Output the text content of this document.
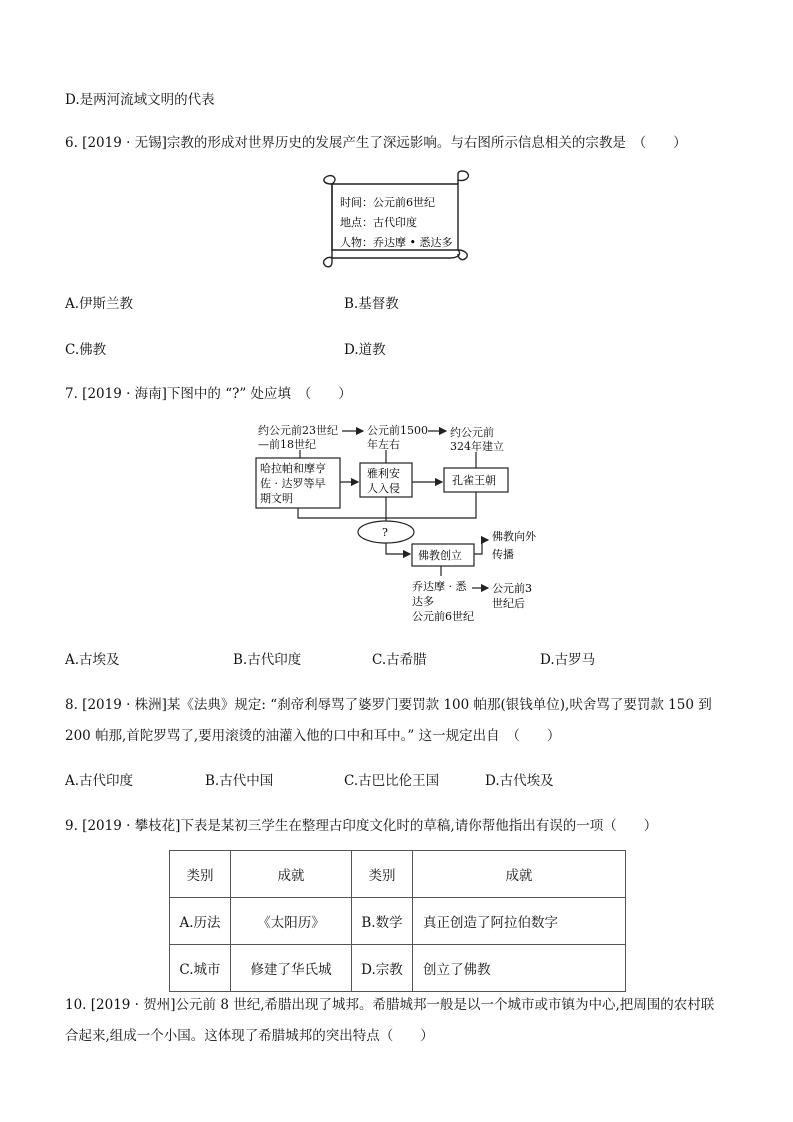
D.是两河流域文明的代表
6. [2019 · 无锡]宗教的形成对世界历史的发展产生了深远影响。与右图所示信息相关的宗教是　（　　）
时间：公元前6世纪
地点：古代印度
人物：乔达摩 • 悉达多
A.伊斯兰教	B.基督教
C.佛教	D.道教
7. [2019 · 海南]下图中的 “?” 处应填　（　　）
约公元前23世纪
—前18世纪
公元前1500
年左右
约公元前
324年建立
哈拉帕和摩亨
佐 · 达罗等早
期文明
雅利安
人入侵
孔雀王朝
?
佛教创立
佛教向外
传播
乔达摩 · 悉
达多
公元前6世纪
公元前3
世纪后
A.古埃及	B.古代印度	C.古希腊	D.古罗马
8. [2019 · 株洲]某《法典》规定: “刹帝利辱骂了婆罗门要罚款 100 帕那(银钱单位),吠舍骂了要罚款 150 到
200 帕那,首陀罗骂了,要用滚烫的油灌入他的口中和耳中。” 这一规定出自　（　　）
A.古代印度	B.古代中国	C.古巴比伦王国	D.古代埃及
9. [2019 · 攀枝花]下表是某初三学生在整理古印度文化时的草稿,请你帮他指出有误的一项（　　）
类别	成就	类别	成就
A.历法	《太阳历》	B.数学	真正创造了阿拉伯数字
C.城市	修建了华氏城	D.宗教	创立了佛教
10. [2019 · 贺州]公元前 8 世纪,希腊出现了城邦。希腊城邦一般是以一个城市或市镇为中心,把周围的农村联
合起来,组成一个小国。这体现了希腊城邦的突出特点（　　）
